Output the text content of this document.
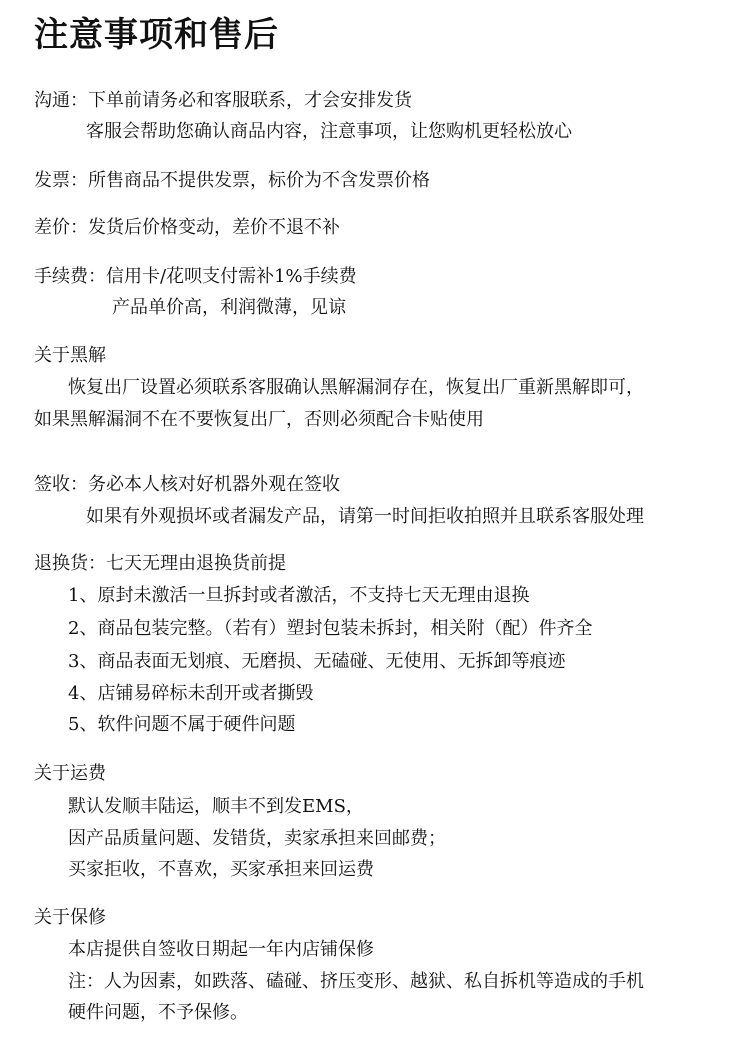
注意事项和售后
沟通：下单前请务必和客服联系，才会安排发货
客服会帮助您确认商品内容，注意事项，让您购机更轻松放心
发票：所售商品不提供发票，标价为不含发票价格
差价：发货后价格变动，差价不退不补
手续费：信用卡/花呗支付需补1%手续费
产品单价高，利润微薄，见谅
关于黑解
恢复出厂设置必须联系客服确认黑解漏洞存在，恢复出厂重新黑解即可，
如果黑解漏洞不在不要恢复出厂，否则必须配合卡贴使用
签收：务必本人核对好机器外观在签收
如果有外观损坏或者漏发产品，请第一时间拒收拍照并且联系客服处理
退换货：七天无理由退换货前提
1、原封未激活一旦拆封或者激活，不支持七天无理由退换
2、商品包装完整。（若有）塑封包装未拆封，相关附（配）件齐全
3、商品表面无划痕、无磨损、无磕碰、无使用、无拆卸等痕迹
4、店铺易碎标未刮开或者撕毁
5、软件问题不属于硬件问题
关于运费
默认发顺丰陆运，顺丰不到发EMS，
因产品质量问题、发错货，卖家承担来回邮费；
买家拒收，不喜欢，买家承担来回运费
关于保修
本店提供自签收日期起一年内店铺保修
注：人为因素，如跌落、磕碰、挤压变形、越狱、私自拆机等造成的手机
硬件问题，不予保修。
